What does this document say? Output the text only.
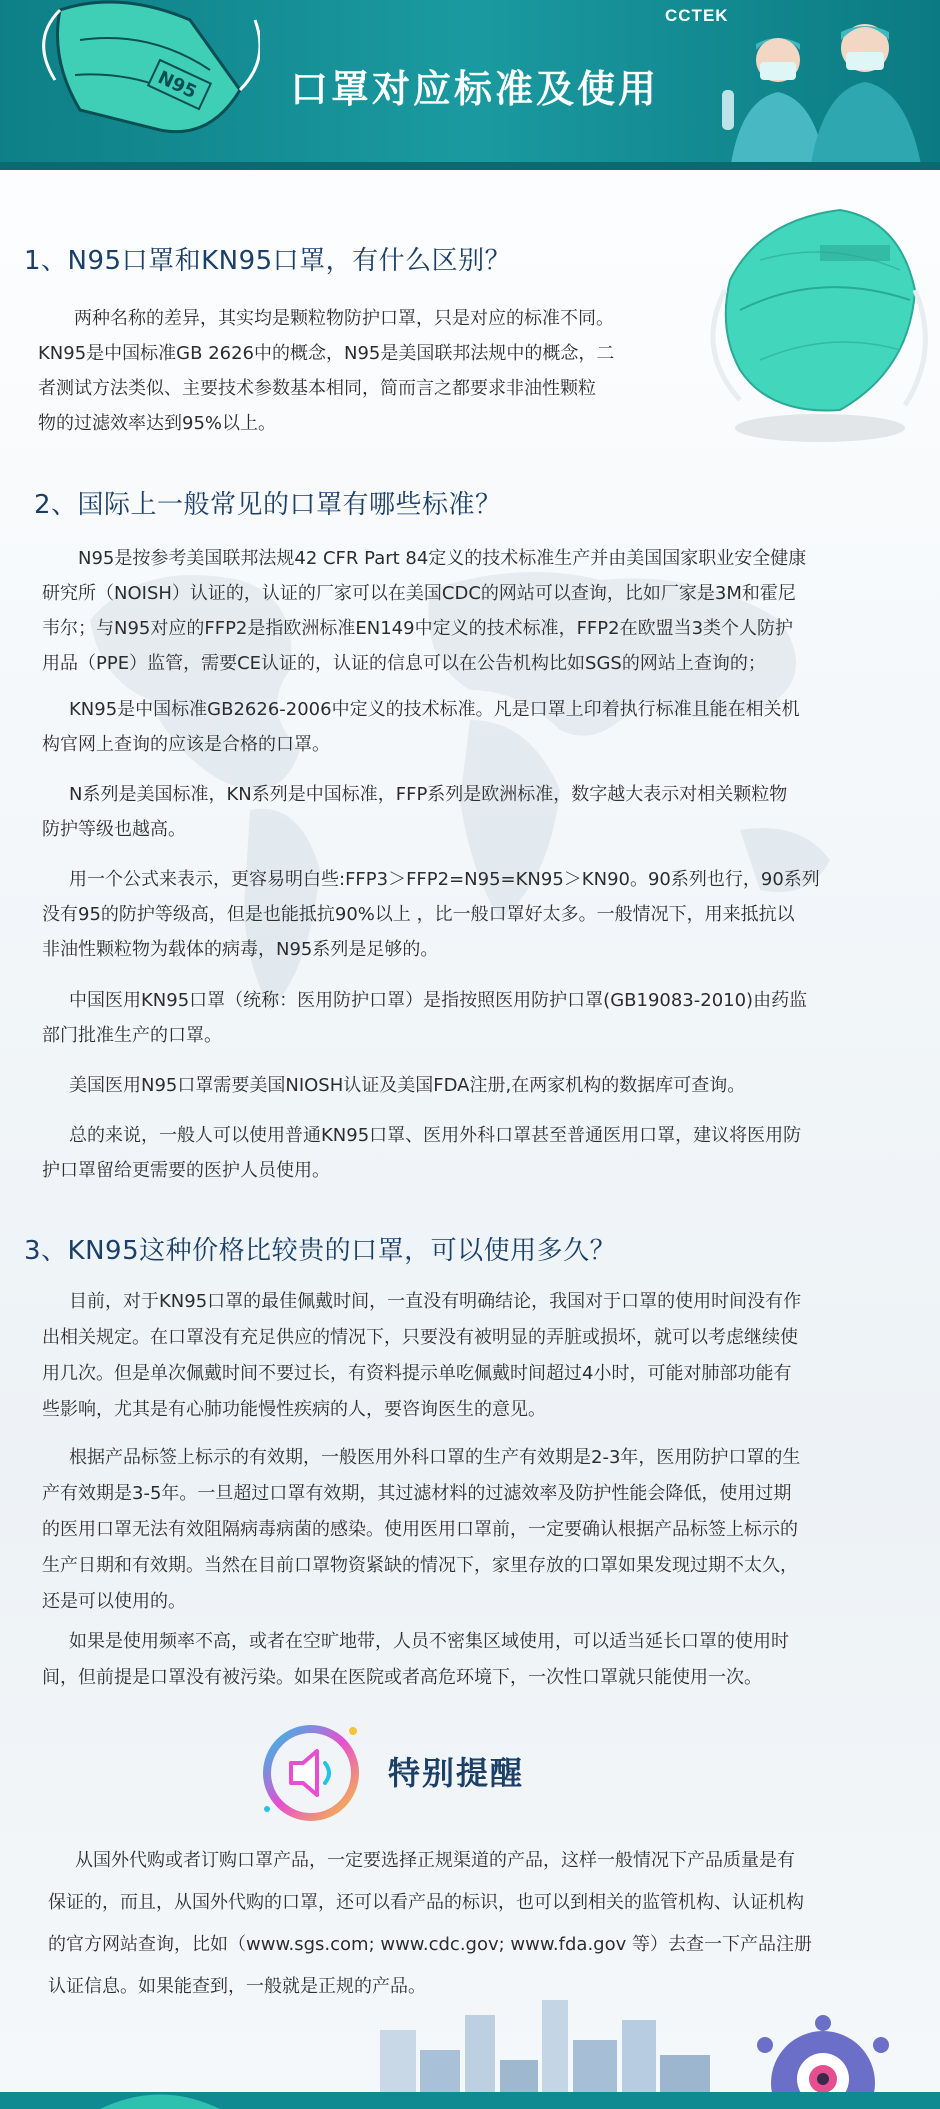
N95
CCTEK
口罩对应标准及使用
1、N95口罩和KN95口罩，有什么区别？
两种名称的差异，其实均是颗粒物防护口罩，只是对应的标准不同。
KN95是中国标准GB 2626中的概念，N95是美国联邦法规中的概念，二
者测试方法类似、主要技术参数基本相同，简而言之都要求非油性颗粒
物的过滤效率达到95%以上。
2、国际上一般常见的口罩有哪些标准？
N95是按参考美国联邦法规42 CFR Part 84定义的技术标准生产并由美国国家职业安全健康
研究所（NOISH）认证的，认证的厂家可以在美国CDC的网站可以查询，比如厂家是3M和霍尼
韦尔；与N95对应的FFP2是指欧洲标准EN149中定义的技术标准，FFP2在欧盟当3类个人防护
用品（PPE）监管，需要CE认证的，认证的信息可以在公告机构比如SGS的网站上查询的；
KN95是中国标准GB2626-2006中定义的技术标准。凡是口罩上印着执行标准且能在相关机
构官网上查询的应该是合格的口罩。
N系列是美国标准，KN系列是中国标准，FFP系列是欧洲标准，数字越大表示对相关颗粒物
防护等级也越高。
用一个公式来表示，更容易明白些:FFP3＞FFP2=N95=KN95＞KN90。90系列也行，90系列
没有95的防护等级高，但是也能抵抗90%以上 ，比一般口罩好太多。一般情况下，用来抵抗以
非油性颗粒物为载体的病毒，N95系列是足够的。
中国医用KN95口罩（统称：医用防护口罩）是指按照医用防护口罩(GB19083-2010)由药监
部门批准生产的口罩。
美国医用N95口罩需要美国NIOSH认证及美国FDA注册,在两家机构的数据库可查询。
总的来说，一般人可以使用普通KN95口罩、医用外科口罩甚至普通医用口罩，建议将医用防
护口罩留给更需要的医护人员使用。
3、KN95这种价格比较贵的口罩，可以使用多久？
目前，对于KN95口罩的最佳佩戴时间，一直没有明确结论，我国对于口罩的使用时间没有作
出相关规定。在口罩没有充足供应的情况下，只要没有被明显的弄脏或损坏，就可以考虑继续使
用几次。但是单次佩戴时间不要过长，有资料提示单吃佩戴时间超过4小时，可能对肺部功能有
些影响，尤其是有心肺功能慢性疾病的人，要咨询医生的意见。
根据产品标签上标示的有效期，一般医用外科口罩的生产有效期是2-3年，医用防护口罩的生
产有效期是3-5年。一旦超过口罩有效期，其过滤材料的过滤效率及防护性能会降低，使用过期
的医用口罩无法有效阻隔病毒病菌的感染。使用医用口罩前，一定要确认根据产品标签上标示的
生产日期和有效期。当然在目前口罩物资紧缺的情况下，家里存放的口罩如果发现过期不太久，
还是可以使用的。
如果是使用频率不高，或者在空旷地带，人员不密集区域使用，可以适当延长口罩的使用时
间，但前提是口罩没有被污染。如果在医院或者高危环境下，一次性口罩就只能使用一次。
特别提醒
从国外代购或者订购口罩产品，一定要选择正规渠道的产品，这样一般情况下产品质量是有
保证的，而且，从国外代购的口罩，还可以看产品的标识，也可以到相关的监管机构、认证机构
的官方网站查询，比如（www.sgs.com; www.cdc.gov; www.fda.gov 等）去查一下产品注册
认证信息。如果能查到，一般就是正规的产品。
